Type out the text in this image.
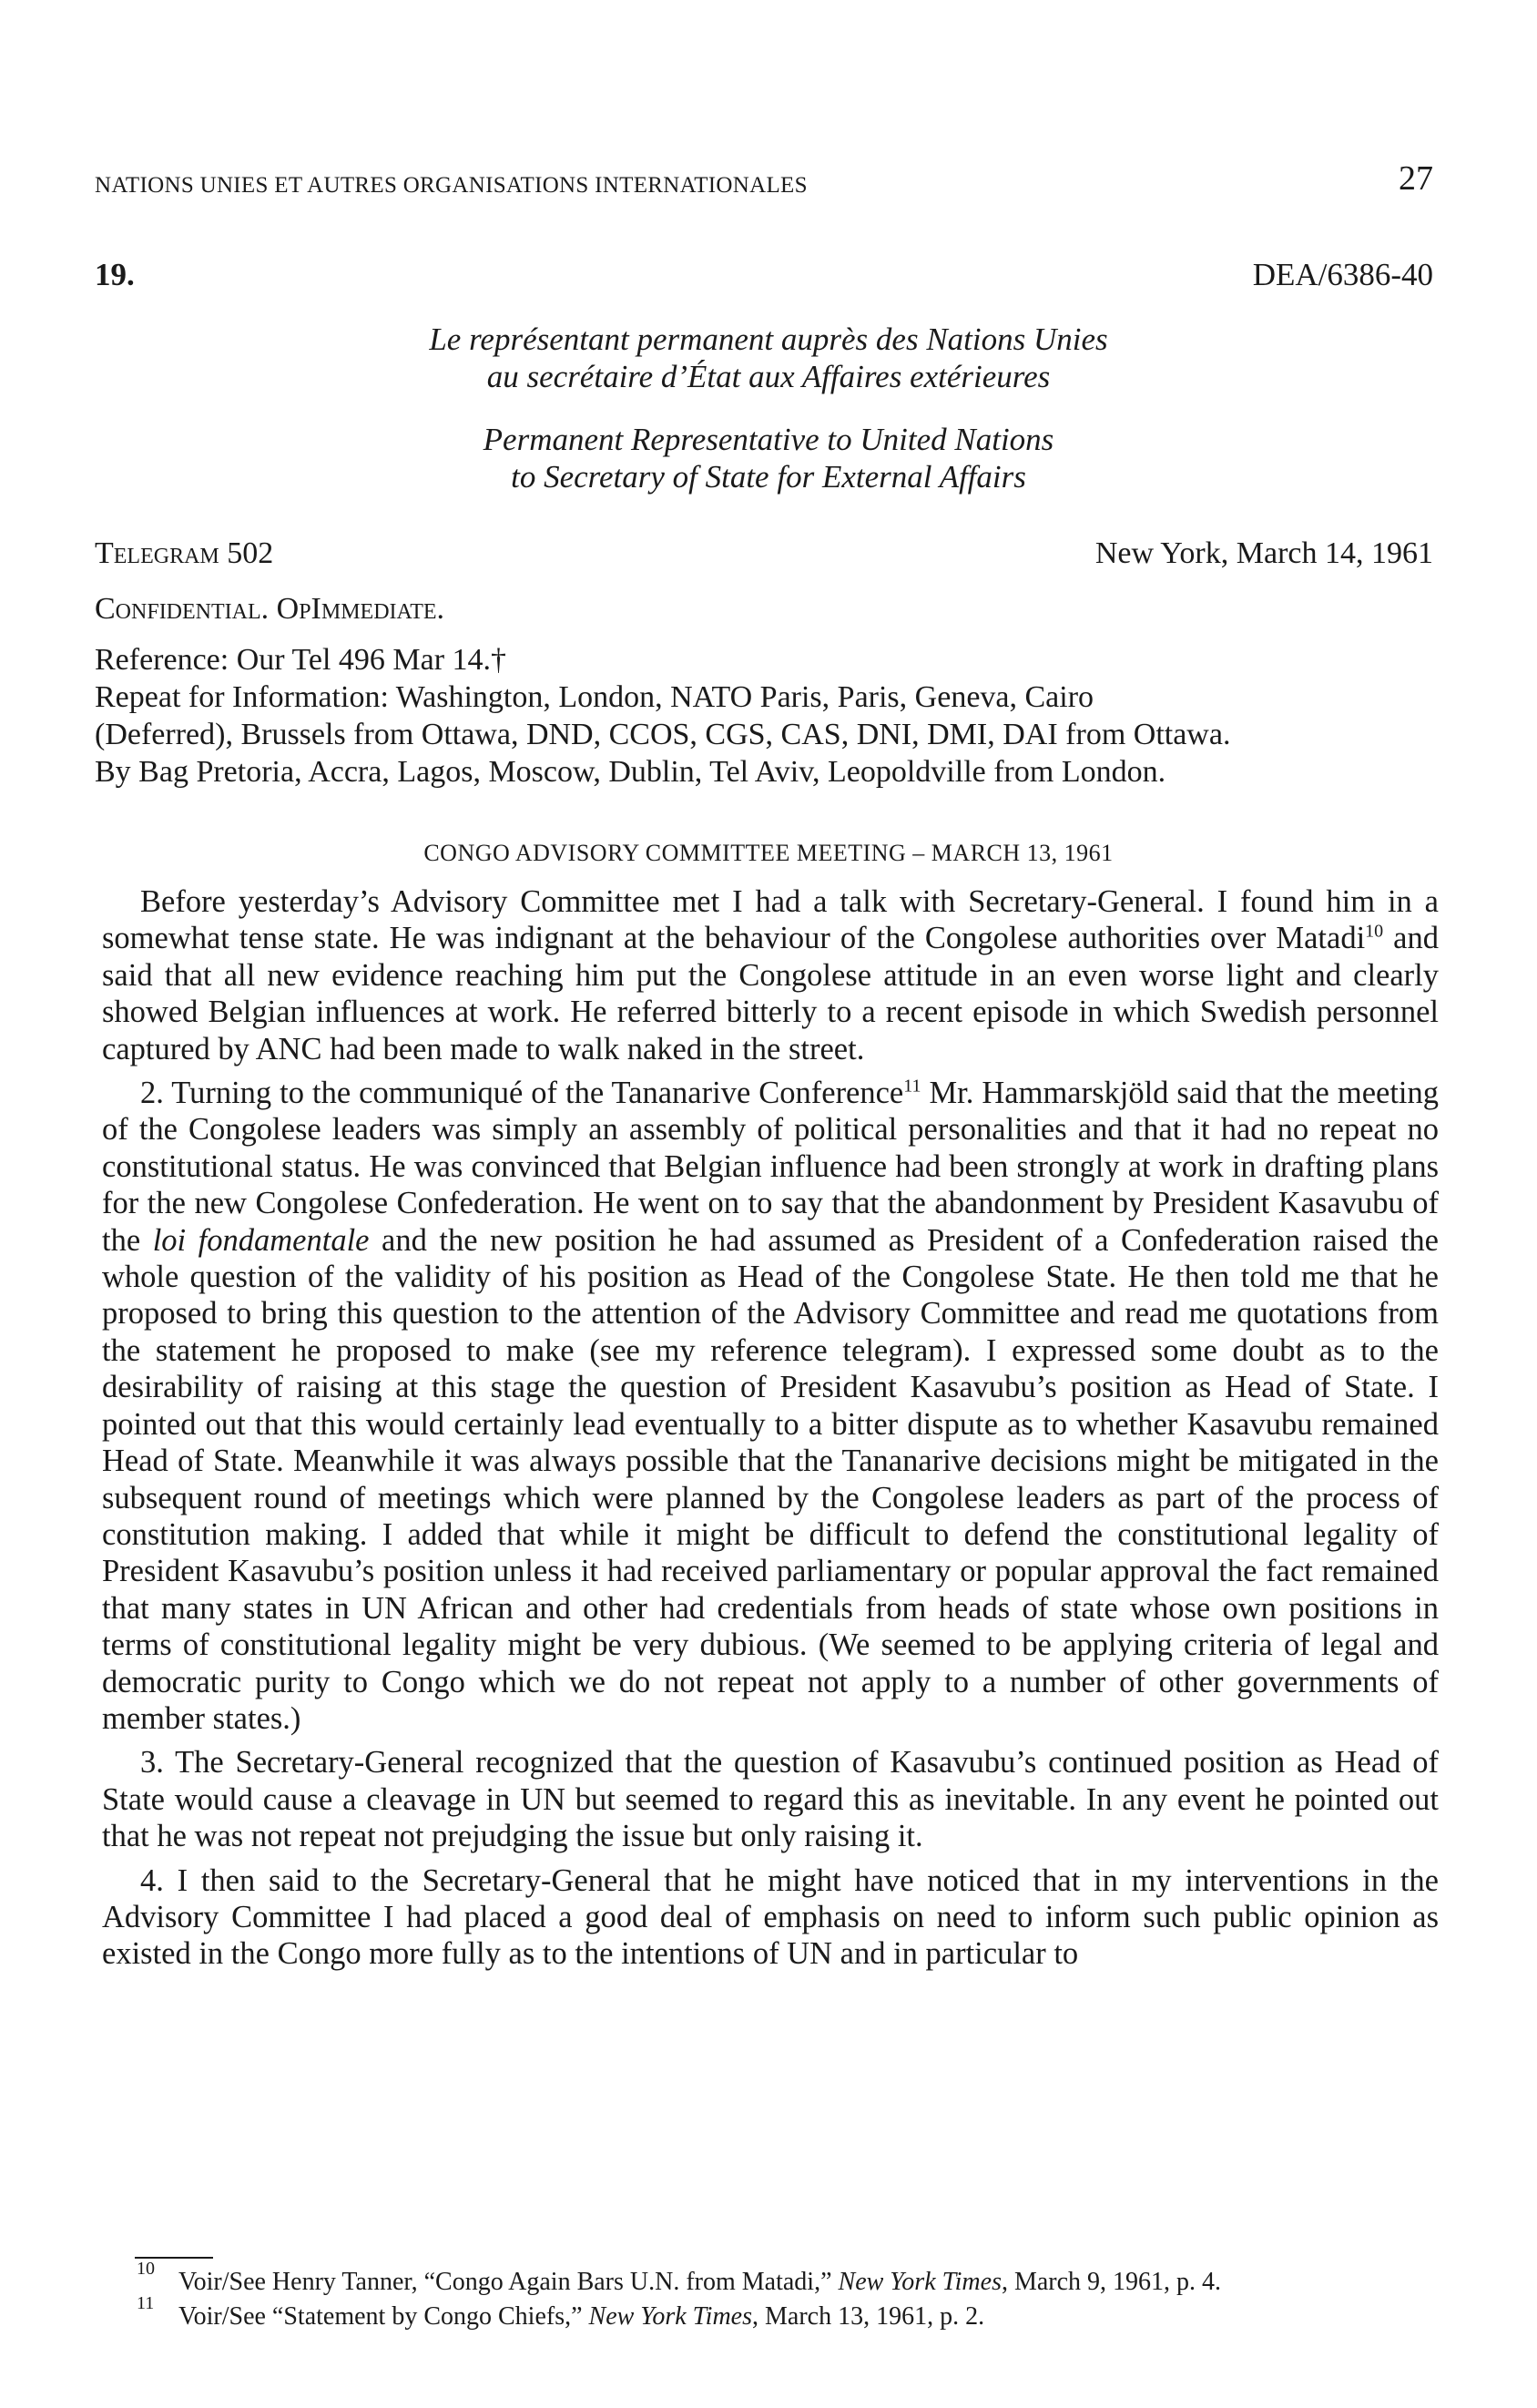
NATIONS UNIES ET AUTRES ORGANISATIONS INTERNATIONALES	27
19.	DEA/6386-40
Le représentant permanent auprès des Nations Unies
au secrétaire d’État aux Affaires extérieures
Permanent Representative to United Nations
to Secretary of State for External Affairs
Telegram 502	New York, March 14, 1961
Confidential. OpImmediate.
Reference: Our Tel 496 Mar 14.†
Repeat for Information: Washington, London, NATO Paris, Paris, Geneva, Cairo
(Deferred), Brussels from Ottawa, DND, CCOS, CGS, CAS, DNI, DMI, DAI from Ottawa.
By Bag Pretoria, Accra, Lagos, Moscow, Dublin, Tel Aviv, Leopoldville from London.
CONGO ADVISORY COMMITTEE MEETING – MARCH 13, 1961

Before yesterday’s Advisory Committee met I had a talk with Secretary-General. I found him in a somewhat tense state. He was indignant at the behaviour of the Congolese authorities over Matadi$^{10}$ and said that all new evidence reaching him put the Congolese attitude in an even worse light and clearly showed Belgian influences at work. He referred bitterly to a recent episode in which Swedish personnel captured by ANC had been made to walk naked in the street.

2. Turning to the communiqué of the Tananarive Conference$^{11}$ Mr. Hammarskjöld said that the meeting of the Congolese leaders was simply an assembly of political personalities and that it had no repeat no constitutional status. He was convinced that Belgian influence had been strongly at work in drafting plans for the new Congolese Confederation. He went on to say that the abandonment by President Kasavubu of the loi fondamentale and the new position he had assumed as President of a Confederation raised the whole question of the validity of his position as Head of the Congolese State. He then told me that he proposed to bring this question to the attention of the Advisory Committee and read me quotations from the statement he proposed to make (see my reference telegram). I expressed some doubt as to the desirability of raising at this stage the question of President Kasavubu’s position as Head of State. I pointed out that this would certainly lead eventually to a bitter dispute as to whether Kasavubu remained Head of State. Meanwhile it was always possible that the Tananarive decisions might be mitigated in the subsequent round of meetings which were planned by the Congolese leaders as part of the process of constitution making. I added that while it might be difficult to defend the constitutional legality of President Kasavubu’s position unless it had received parliamentary or popular approval the fact remained that many states in UN African and other had credentials from heads of state whose own positions in terms of constitutional legality might be very dubious. (We seemed to be applying criteria of legal and democratic purity to Congo which we do not repeat not apply to a number of other governments of member states.)

3. The Secretary-General recognized that the question of Kasavubu’s continued position as Head of State would cause a cleavage in UN but seemed to regard this as inevitable. In any event he pointed out that he was not repeat not prejudging the issue but only raising it.

4. I then said to the Secretary-General that he might have noticed that in my interventions in the Advisory Committee I had placed a good deal of emphasis on need to inform such public opinion as existed in the Congo more fully as to the intentions of UN and in particular to

10 Voir/See Henry Tanner, “Congo Again Bars U.N. from Matadi,” New York Times, March 9, 1961, p. 4.
11 Voir/See “Statement by Congo Chiefs,” New York Times, March 13, 1961, p. 2.
